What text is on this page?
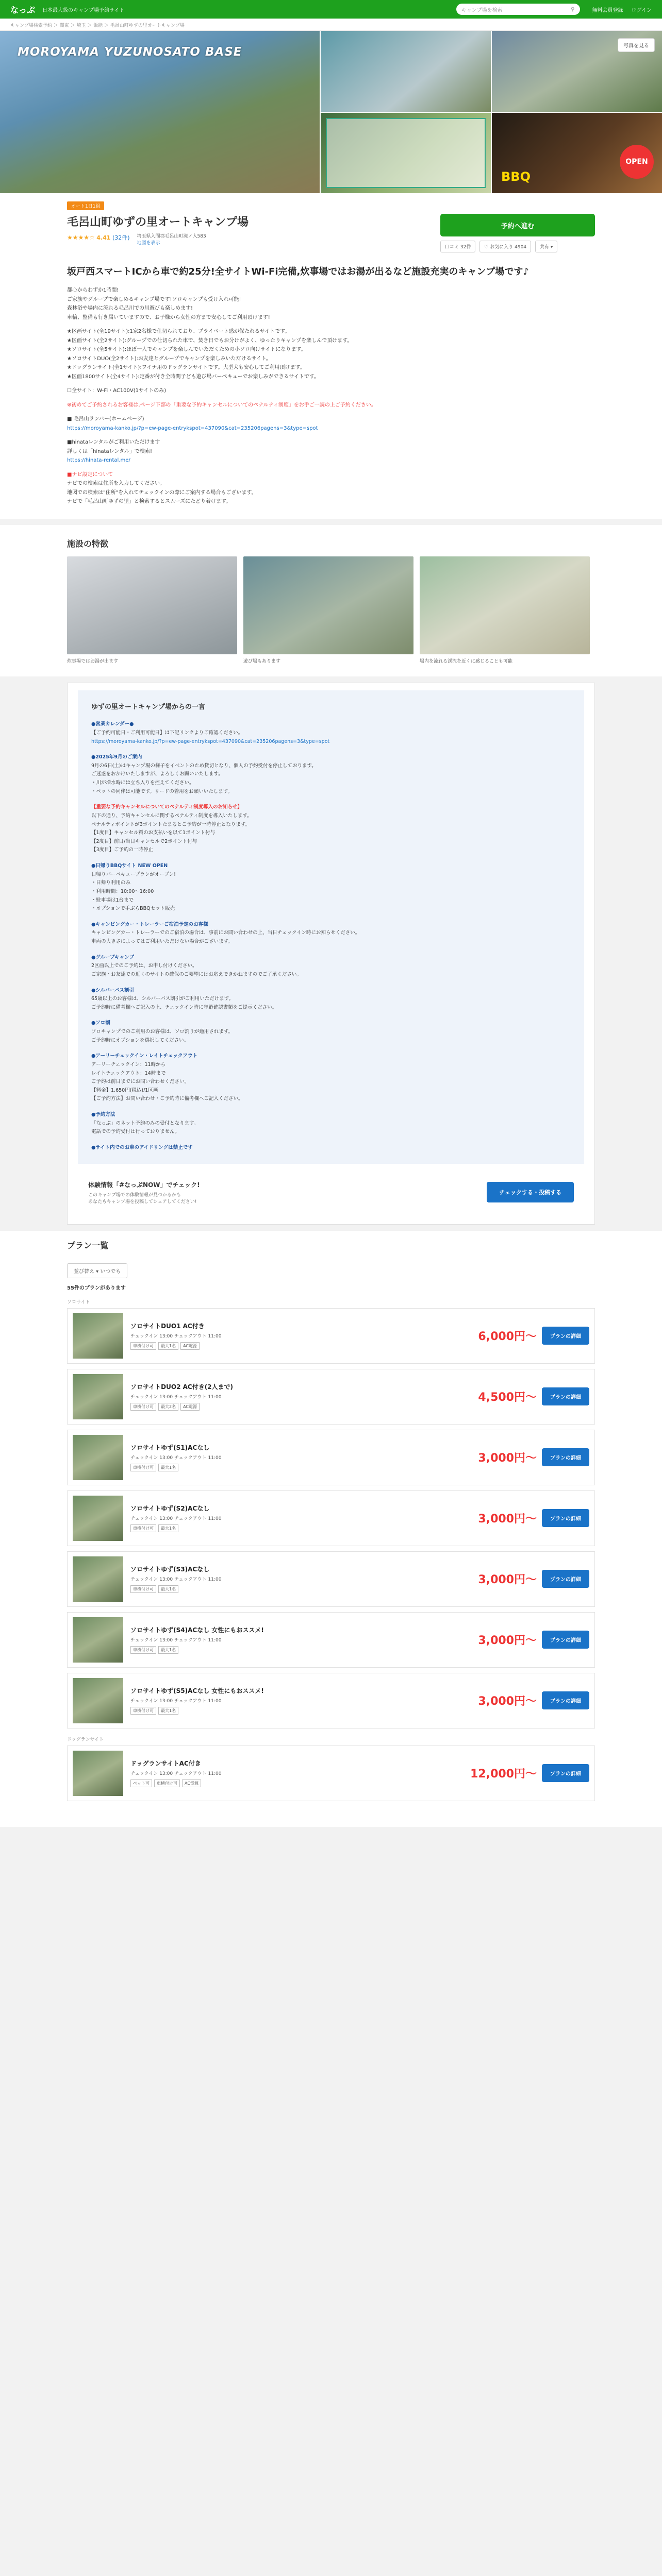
なっぷ 日本最大級のキャンプ場予約サイト	キャンプ場を検索	⚲	無料会員登録 ログイン
キャンプ場検索予約 ＞ 関東 ＞ 埼玉 ＞ 飯能 ＞ 毛呂山町ゆずの里オートキャンプ場
MOROYAMA YUZUNOSATO BASE	写真を見る
BBQ
OPEN
オート1日1組
毛呂山町ゆずの里オートキャンプ場
★★★★☆ 4.41 (32件) 埼玉県入間郡毛呂山町滝ノ入583
地図を表示
予約へ進む
口コミ 32件	♡ お気に入り 4904	共有 ▾
坂戸西スマートICから車で約25分!全サイトWi-Fi完備,炊事場ではお湯が出るなど施設充実のキャンプ場です♪

都心からわずか1時間!

ご家族やグループで楽しめるキャンプ場です!ソロキャンプも受け入れ可能!

森林浴や場内に流れる毛呂川での川遊びも楽しめます!

車輪、整備も行き届いていますので、お子様から女性の方まで安心してご利用頂けます!

★区画サイト(全19サイト):1家2名様で仕切られており、プライベート感が保たれるサイトです。

★区画サイト(全2サイト):グループでの仕切られた車で、焚き日でもお分けがよく、ゆったりキャンプを楽しんで頂けます。

★ソロサイト(全5サイト):ほぼ一人でキャンプを楽しんでいただくための小ソロ向けサイトになります。

★ソロサイトDUO(全2サイト):お友達とグループでキャンプを楽しみいただけるサイト。

★ドッグランサイト(全1サイト):ワイナ用のドッグランサイトです。大型犬も安心してご利用頂けます。

★区画1800サイト(全4サイト):定番が付き全時間子ども遊び場バーベキューでお楽しみができるサイトです。

☐全サイト：W-Fi・AC100V(1サイトのみ)

※初めてご予約されるお客様は,ページ下部の「重要な予約キャンセルについてのペナルティ制度」をお手ご一読の上ご予約ください。

■ 毛呂山ランバー(ホームページ)

https://moroyama-kanko.jp/?p=ew-page-entrykspot=437090&cat=235206pagens=3&type=spot

■hinataレンタルがご利用いただけます

詳しくは「hinataレンタル」で検索!

https://hinata-rental.me/

■ナビ設定について

ナビでの検索は住所を入力してください。

地図での検索は"住所"を入れてチェックインの際にご案内する場合もございます。

ナビで「毛呂山町ゆずの里」と検索するとスムーズにたどり着けます。

施設の特徴
炊事場ではお湯が出ます	遊び場もあります	場内を流れる渓流を近くに感じることも可能
ゆずの里オートキャンプ場からの一言
●営業カレンダー●
【ご予約可能日・ご利用可能日】は下記リンクよりご確認ください。
https://moroyama-kanko.jp/?p=ew-page-entrykspot=437090&cat=235206pagens=3&type=spot
●2025年9月のご案内
9月の6日(土)はキャンプ場の様子をイベントのため貸切となり、個人の予約受付を停止しております。
ご迷惑をおかけいたしますが、よろしくお願いいたします。
・川が増水時には立ち入りを控えてください。
・ペットの同伴は可能です。リードの着用をお願いいたします。
【重要な予約キャンセルについてのペナルティ制度導入のお知らせ】
以下の通り、予約キャンセルに関するペナルティ制度を導入いたします。
ペナルティポイントが3ポイントたまるとご予約が一時停止となります。
【1度目】キャンセル料のお支払いを以て1ポイント付与
【2度目】前日/当日キャンセルで2ポイント付与
【3度目】ご予約の一時停止
●日帰りBBQサイト NEW OPEN
日帰りバーベキュープランがオープン!
・日帰り利用のみ
・利用時間：10:00～16:00
・駐車場は1台まで
・オプションで手ぶらBBQセット販売
●キャンピングカー・トレーラーご宿泊予定のお客様
キャンピングカー・トレーラーでのご宿泊の場合は、事前にお問い合わせの上、当日チェックイン時にお知らせください。
車両の大きさによってはご利用いただけない場合がございます。
●グループキャンプ
2区画以上でのご予約は、お申し付けください。
ご家族・お友達での近くのサイトの確保のご要望にはお応えできかねますのでご了承ください。
●シルバーパス割引
65歳以上のお客様は、シルバーパス割引がご利用いただけます。
ご予約時に備考欄へご記入の上、チェックイン時に年齢確認書類をご提示ください。
●ソロ割
ソロキャンプでのご利用のお客様は、ソロ割りが適用されます。
ご予約時にオプションを選択してください。
●アーリーチェックイン・レイトチェックアウト
アーリーチェックイン：11時から
レイトチェックアウト：14時まで
ご予約は前日までにお問い合わせください。
【料金】1,650円(税込)/1区画
【ご予約方法】お問い合わせ・ご予約時に備考欄へご記入ください。
●予約方法
「なっぷ」のネット予約のみの受付となります。
電話での予約受付は行っておりません。
●サイト内でのお車のアイドリングは禁止です
体験情報「#なっぷNOW」でチェック!
このキャンプ場での体験情報が見つかるかも
あなたもキャンプ場を投稿してシェアしてください!
チェックする・投稿する
プラン一覧
並び替え ▾ いつでも
55件のプランがあります
ソロサイト
ソロサイトDUO1 AC付き
チェックイン 13:00 チェックアウト 11:00
車横付け可	最大1名	AC電源
6,000円〜	プランの詳細
ソロサイトDUO2 AC付き(2人まで)
チェックイン 13:00 チェックアウト 11:00
車横付け可	最大2名	AC電源
4,500円〜	プランの詳細
ソロサイトゆず(S1)ACなし
チェックイン 13:00 チェックアウト 11:00
車横付け可	最大1名
3,000円〜	プランの詳細
ソロサイトゆず(S2)ACなし
チェックイン 13:00 チェックアウト 11:00
車横付け可	最大1名
3,000円〜	プランの詳細
ソロサイトゆず(S3)ACなし
チェックイン 13:00 チェックアウト 11:00
車横付け可	最大1名
3,000円〜	プランの詳細
ソロサイトゆず(S4)ACなし 女性にもおススメ!
チェックイン 13:00 チェックアウト 11:00
車横付け可	最大1名
3,000円〜	プランの詳細
ソロサイトゆず(S5)ACなし 女性にもおススメ!
チェックイン 13:00 チェックアウト 11:00
車横付け可	最大1名
3,000円〜	プランの詳細
ドッグランサイト
ドッグランサイトAC付き
チェックイン 13:00 チェックアウト 11:00
ペット可	車横付け可	AC電源
12,000円〜	プランの詳細
